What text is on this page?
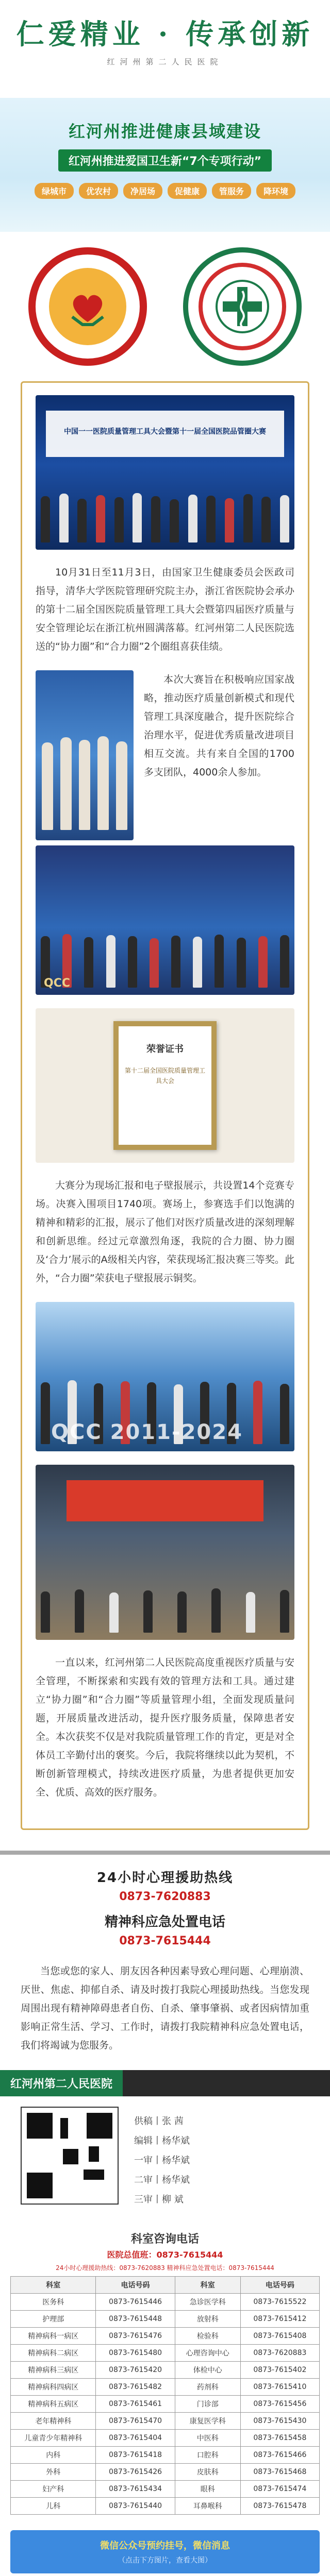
仁爱精业 · 传承创新
红河州第二人民医院
红河州推进健康县域建设
红河州推进爱国卫生新“7个专项行动”
绿城市	优农村	净居场	促健康	管服务	降环境
中国一一医院质量管理工具大会暨第十一届全国医院品管圈大赛

10月31日至11月3日，由国家卫生健康委员会医政司指导，清华大学医院管理研究院主办，浙江省医院协会承办的第十二届全国医院质量管理工具大会暨第四届医疗质量与安全管理论坛在浙江杭州圆满落幕。红河州第二人民医院选送的“协力圈”和“合力圈”2个圈组喜获佳绩。

本次大赛旨在积极响应国家战略，推动医疗质量创新模式和现代管理工具深度融合，提升医院综合治理水平，促进优秀质量改进项目相互交流。共有来自全国的1700多支团队，4000余人参加。

QCC
荣誉证书
第十二届全国医院质量管理工具大会

大赛分为现场汇报和电子壁报展示，共设置14个竞赛专场。决赛入围项目1740项。赛场上，参赛选手们以饱满的精神和精彩的汇报，展示了他们对医疗质量改进的深刻理解和创新思维。经过元章激烈角逐，我院的合力圈、协力圈及‘合力’展示的A级相关内容，荣获现场汇报决赛三等奖。此外，“合力圈”荣获电子壁报展示铜奖。

QCC 2011-2024

一直以来，红河州第二人民医院高度重视医疗质量与安全管理，不断探索和实践有效的管理方法和工具。通过建立“协力圈”和“合力圈”等质量管理小组，全面发现质量问题，开展质量改进活动，提升医疗服务质量，保障患者安全。本次获奖不仅是对我院质量管理工作的肯定，更是对全体员工辛勤付出的褒奖。今后，我院将继续以此为契机，不断创新管理模式，持续改进医疗质量，为患者提供更加安全、优质、高效的医疗服务。

24小时心理援助热线
0873-7620883
精神科应急处置电话
0873-7615444

当您或您的家人、朋友因各种因素导致心理问题、心理崩溃、厌世、焦虑、抑郁自杀、请及时拨打我院心理援助热线。当您发现周围出现有精神障碍患者自伤、自杀、肇事肇祸、或者因病情加重影响正常生活、学习、工作时，请拨打我院精神科应急处置电话，我们将竭诚为您服务。

红河州第二人民医院
供稿丨张 茜
编辑丨杨华斌
一审丨杨华斌
二审丨杨华斌
三审丨柳 斌
科室咨询电话
医院总值班：0873-7615444
24小时心理援助热线：0873-7620883 精神科应急处置电话：0873-7615444
科室	电话号码	科室	电话号码
医务科	0873-7615446	急诊医学科	0873-7615522
护理部	0873-7615448	放射科	0873-7615412
精神病科一病区	0873-7615476	检验科	0873-7615408
精神病科二病区	0873-7615480	心理咨询中心	0873-7620883
精神病科三病区	0873-7615420	体检中心	0873-7615402
精神病科四病区	0873-7615482	药剂科	0873-7615410
精神病科五病区	0873-7615461	门诊部	0873-7615456
老年精神科	0873-7615470	康复医学科	0873-7615430
儿童青少年精神科	0873-7615404	中医科	0873-7615458
内科	0873-7615418	口腔科	0873-7615466
外科	0873-7615426	皮肤科	0873-7615468
妇产科	0873-7615434	眼科	0873-7615474
儿科	0873-7615440	耳鼻喉科	0873-7615478
微信公众号预约挂号，微信消息
（点击下方图片，查看大图）
